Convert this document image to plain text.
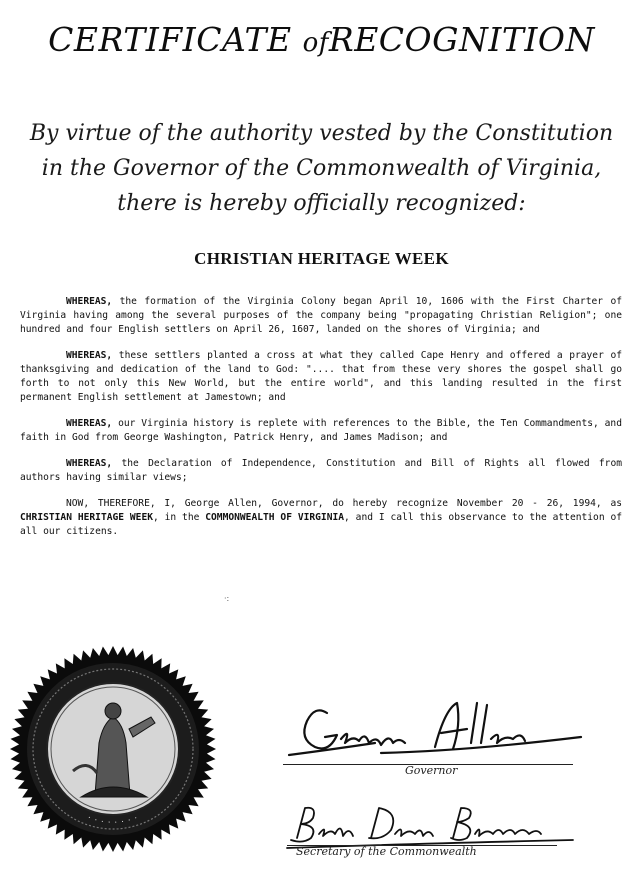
CERTIFICATE ofRECOGNITION
By virtue of the authority vested by the Constitution
in the Governor of the Commonwealth of Virginia,
there is hereby officially recognized:
CHRISTIAN HERITAGE WEEK

WHEREAS, the formation of the Virginia Colony began April 10, 1606 with the First Charter of Virginia having among the several purposes of the company being "propagating Christian Religion"; one hundred and four English settlers on April 26, 1607, landed on the shores of Virginia; and

WHEREAS, these settlers planted a cross at what they called Cape Henry and offered a prayer of thanksgiving and dedication of the land to God: ".... that from these very shores the gospel shall go forth to not only this New World, but the entire world", and this landing resulted in the first permanent English settlement at Jamestown; and

WHEREAS, our Virginia history is replete with references to the Bible, the Ten Commandments, and faith in God from George Washington, Patrick Henry, and James Madison; and

WHEREAS, the Declaration of Independence, Constitution and Bill of Rights all flowed from authors having similar views;

NOW, THEREFORE, I, George Allen, Governor, do hereby recognize November 20 - 26, 1994, as CHRISTIAN HERITAGE WEEK, in the COMMONWEALTH OF VIRGINIA, and I call this observance to the attention of all our citizens.

·:
· · · · · · · ·
Governor
Secretary of the Commonwealth
